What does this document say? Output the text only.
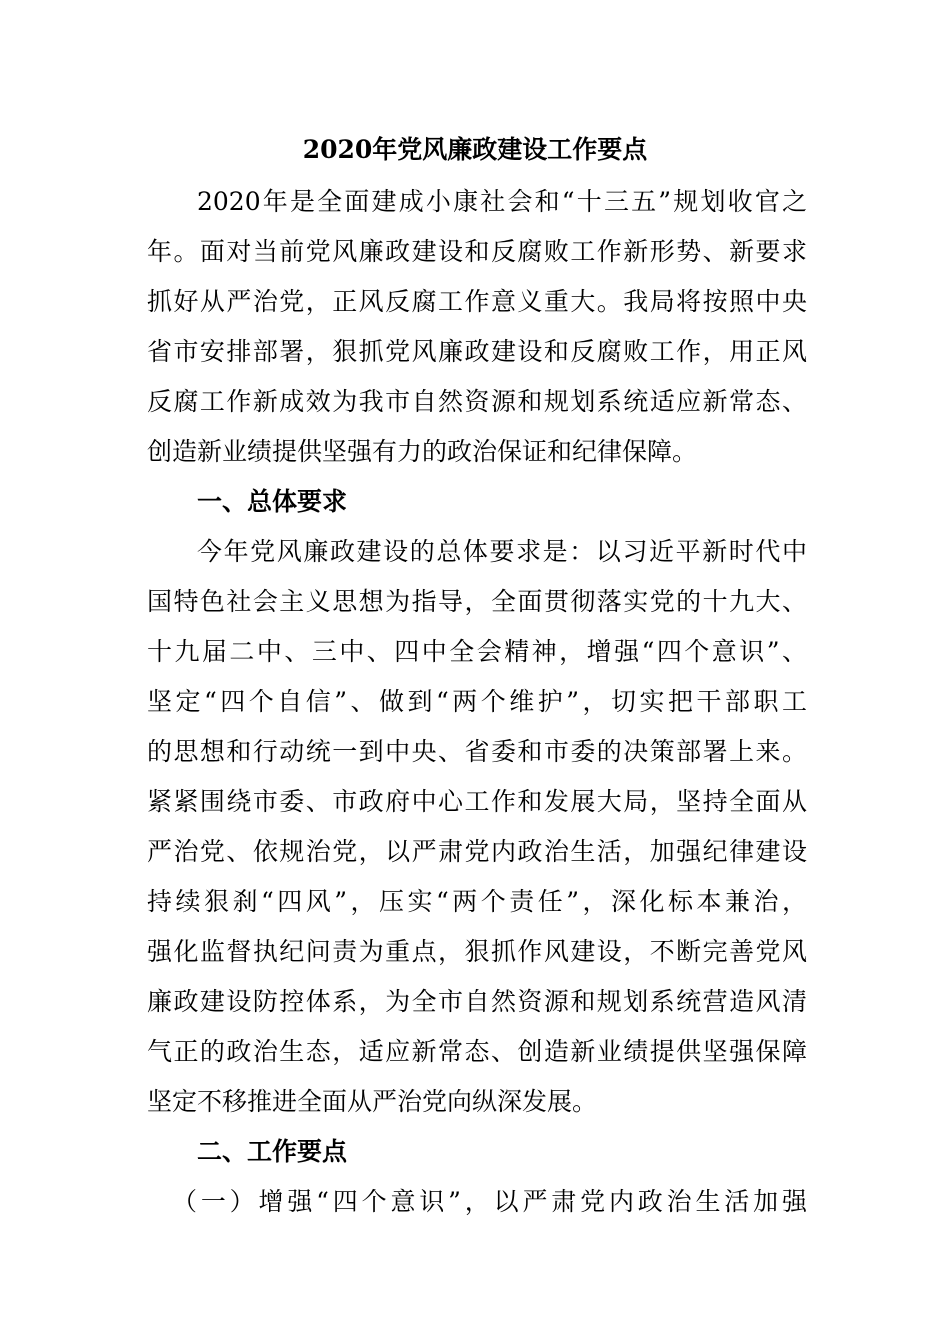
2020年党风廉政建设工作要点
2020年是全面建成小康社会和“十三五”规划收官之
年。面对当前党风廉政建设和反腐败工作新形势、新要求
抓好从严治党，正风反腐工作意义重大。我局将按照中央
省市安排部署，狠抓党风廉政建设和反腐败工作，用正风
反腐工作新成效为我市自然资源和规划系统适应新常态、
创造新业绩提供坚强有力的政治保证和纪律保障。
一、总体要求
今年党风廉政建设的总体要求是：以习近平新时代中
国特色社会主义思想为指导，全面贯彻落实党的十九大、
十九届二中、三中、四中全会精神，增强“四个意识”、
坚定“四个自信”、做到“两个维护”，切实把干部职工
的思想和行动统一到中央、省委和市委的决策部署上来。
紧紧围绕市委、市政府中心工作和发展大局，坚持全面从
严治党、依规治党，以严肃党内政治生活，加强纪律建设
持续狠刹“四风”，压实“两个责任”，深化标本兼治，
强化监督执纪问责为重点，狠抓作风建设，不断完善党风
廉政建设防控体系，为全市自然资源和规划系统营造风清
气正的政治生态，适应新常态、创造新业绩提供坚强保障
坚定不移推进全面从严治党向纵深发展。
二、工作要点
（一）增强“四个意识”，以严肃党内政治生活加强
